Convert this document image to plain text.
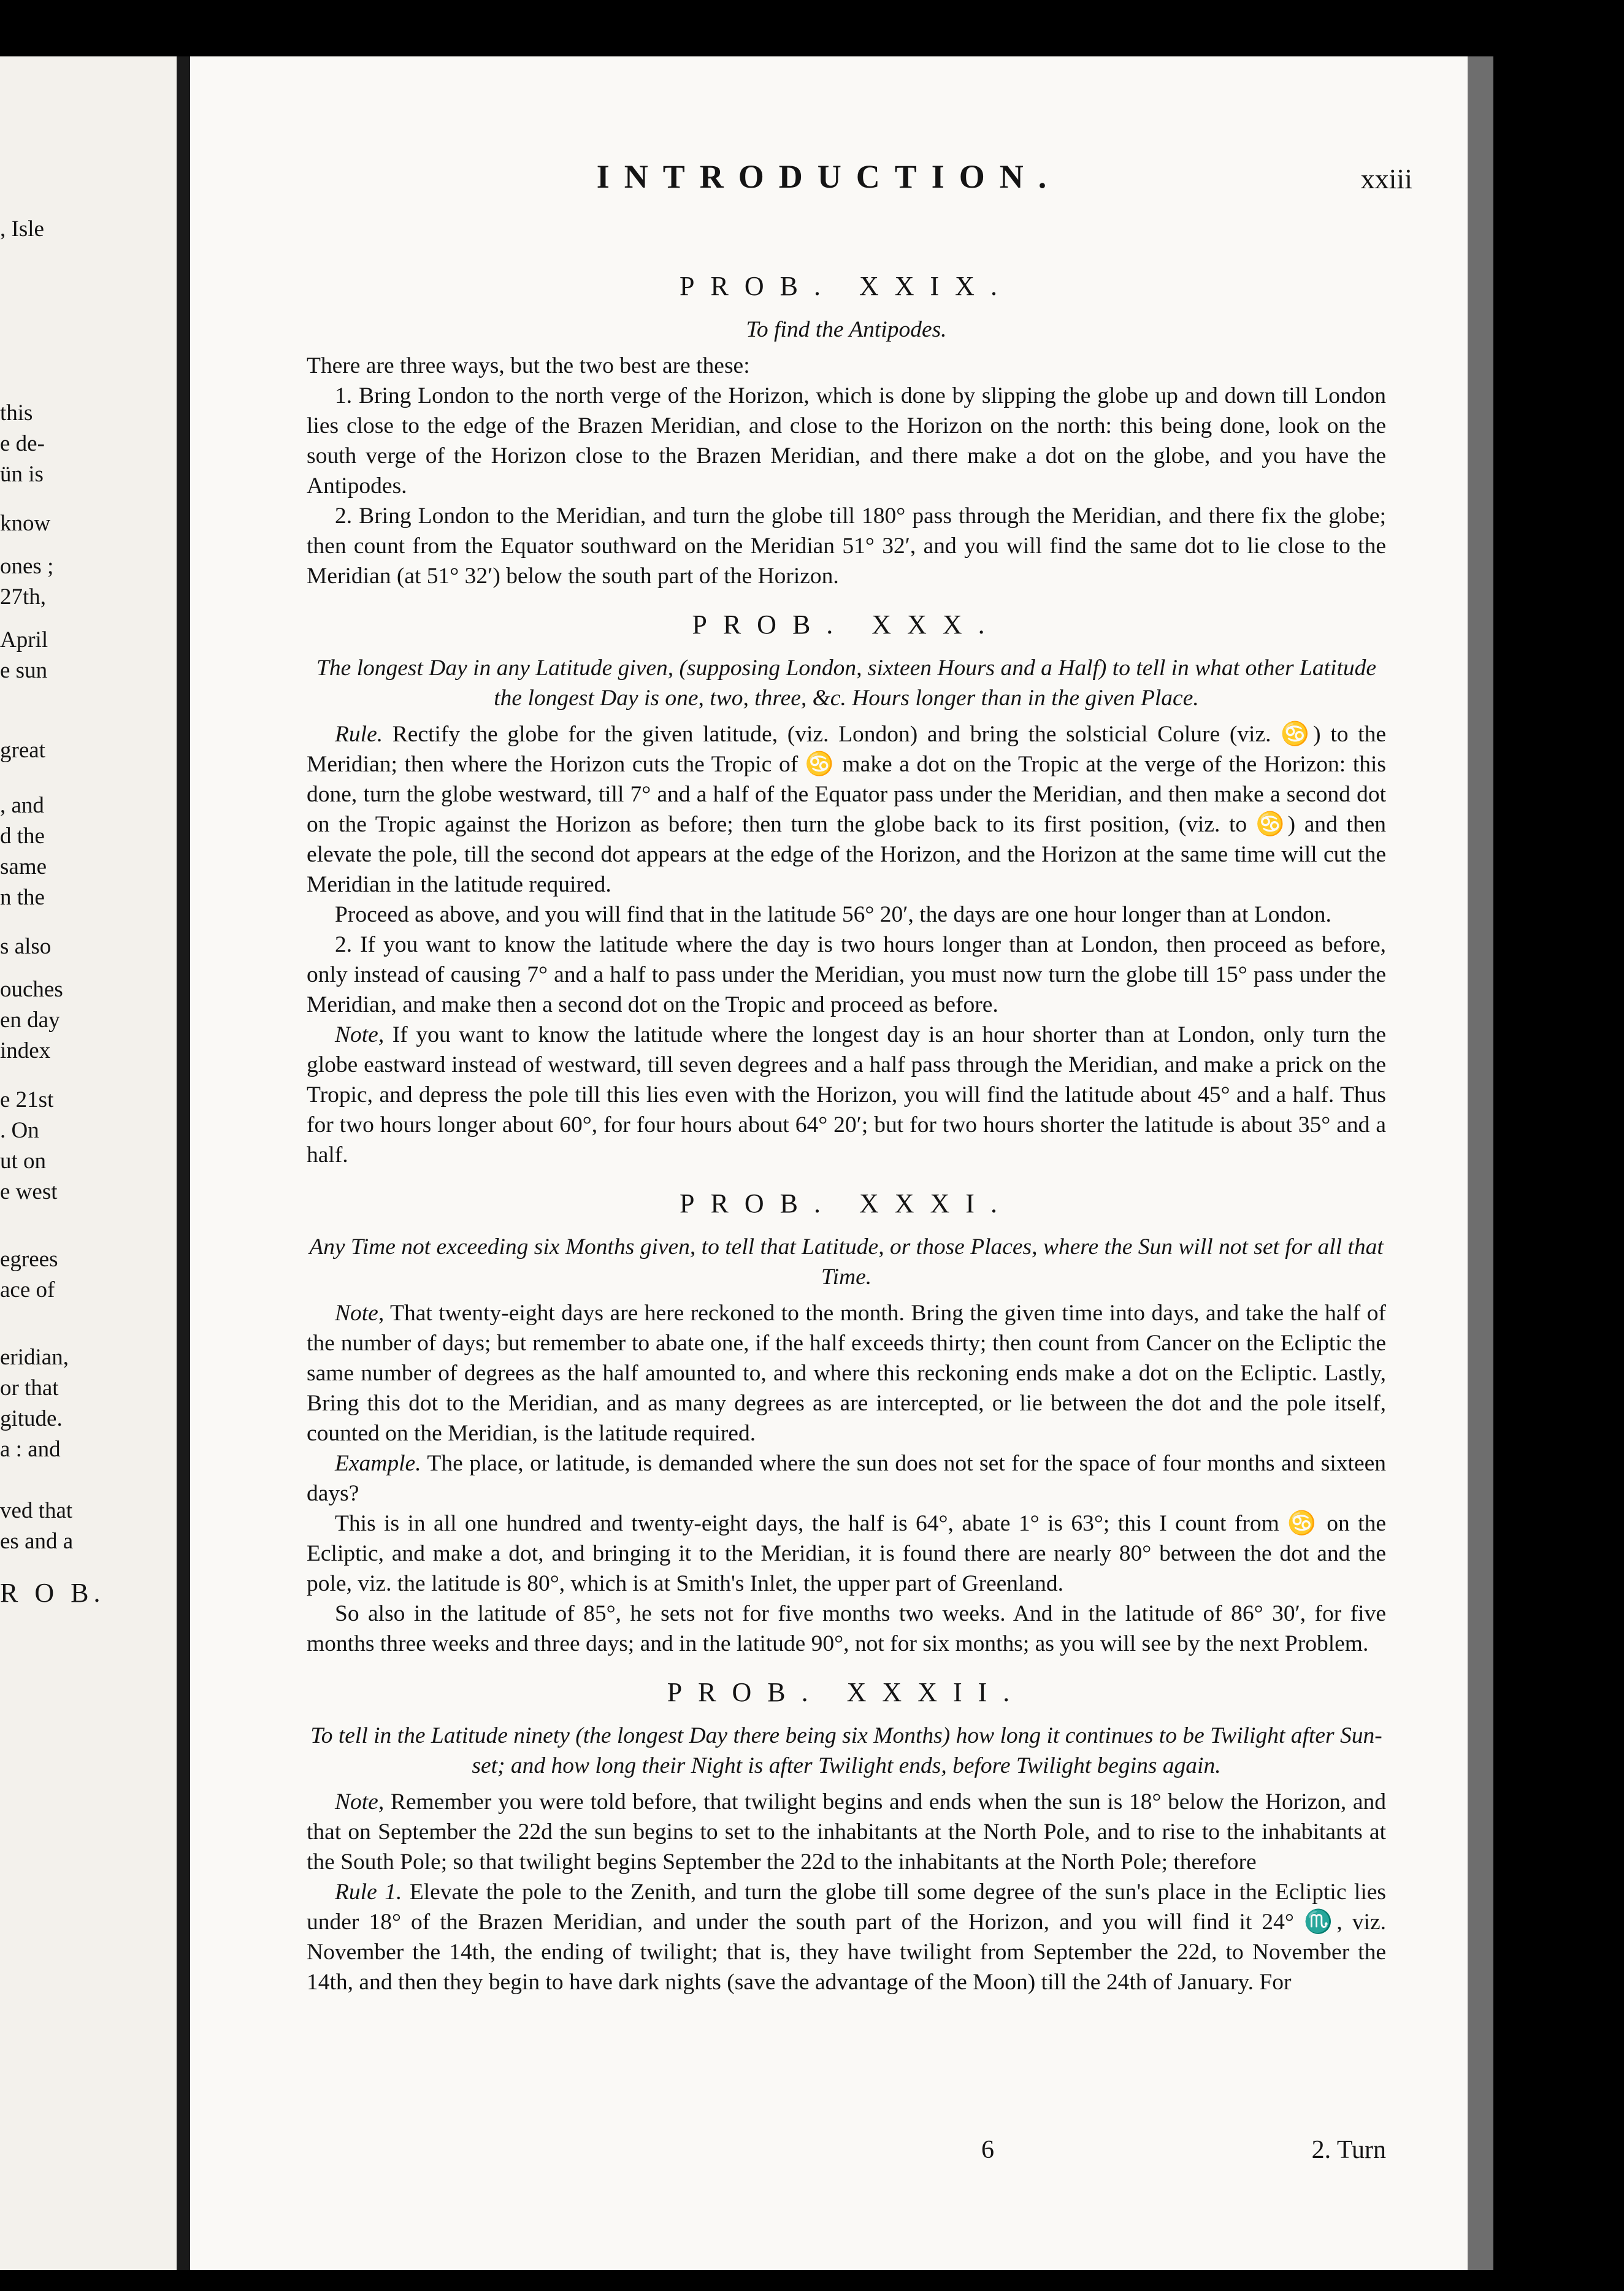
, Isle
this
e de-
ün is
know
ones ;
27th,
April
e sun
great
, and
d the
same
n the
s also
ouches
en day
index
e 21st
. On
ut on
e west
egrees
ace of
eridian,
or that
gitude.
a : and
ved that
es and a
R O B.
INTRODUCTION.	xxiii
PROB. XXIX.

To find the Antipodes.

There are three ways, but the two best are these:

1. Bring London to the north verge of the Horizon, which is done by slipping the globe up and down till London lies close to the edge of the Brazen Meridian, and close to the Horizon on the north: this being done, look on the south verge of the Horizon close to the Brazen Meridian, and there make a dot on the globe, and you have the Antipodes.

2. Bring London to the Meridian, and turn the globe till 180° pass through the Meridian, and there fix the globe; then count from the Equator southward on the Meridian 51° 32′, and you will find the same dot to lie close to the Meridian (at 51° 32′) below the south part of the Horizon.

PROB. XXX.

The longest Day in any Latitude given, (supposing London, sixteen Hours and a Half) to tell in what other Latitude the longest Day is one, two, three, &c. Hours longer than in the given Place.

Rule. Rectify the globe for the given latitude, (viz. London) and bring the solsticial Colure (viz. ♋) to the Meridian; then where the Horizon cuts the Tropic of ♋ make a dot on the Tropic at the verge of the Horizon: this done, turn the globe westward, till 7° and a half of the Equator pass under the Meridian, and then make a second dot on the Tropic against the Horizon as before; then turn the globe back to its first position, (viz. to ♋) and then elevate the pole, till the second dot appears at the edge of the Horizon, and the Horizon at the same time will cut the Meridian in the latitude required.

Proceed as above, and you will find that in the latitude 56° 20′, the days are one hour longer than at London.

2. If you want to know the latitude where the day is two hours longer than at London, then proceed as before, only instead of causing 7° and a half to pass under the Meridian, you must now turn the globe till 15° pass under the Meridian, and make then a second dot on the Tropic and proceed as before.

Note, If you want to know the latitude where the longest day is an hour shorter than at London, only turn the globe eastward instead of westward, till seven degrees and a half pass through the Meridian, and make a prick on the Tropic, and depress the pole till this lies even with the Horizon, you will find the latitude about 45° and a half. Thus for two hours longer about 60°, for four hours about 64° 20′; but for two hours shorter the latitude is about 35° and a half.

PROB. XXXI.

Any Time not exceeding six Months given, to tell that Latitude, or those Places, where the Sun will not set for all that Time.

Note, That twenty-eight days are here reckoned to the month. Bring the given time into days, and take the half of the number of days; but remember to abate one, if the half exceeds thirty; then count from Cancer on the Ecliptic the same number of degrees as the half amounted to, and where this reckoning ends make a dot on the Ecliptic. Lastly, Bring this dot to the Meridian, and as many degrees as are intercepted, or lie between the dot and the pole itself, counted on the Meridian, is the latitude required.

Example. The place, or latitude, is demanded where the sun does not set for the space of four months and sixteen days?

This is in all one hundred and twenty-eight days, the half is 64°, abate 1° is 63°; this I count from ♋ on the Ecliptic, and make a dot, and bringing it to the Meridian, it is found there are nearly 80° between the dot and the pole, viz. the latitude is 80°, which is at Smith's Inlet, the upper part of Greenland.

So also in the latitude of 85°, he sets not for five months two weeks. And in the latitude of 86° 30′, for five months three weeks and three days; and in the latitude 90°, not for six months; as you will see by the next Problem.

PROB. XXXII.

To tell in the Latitude ninety (the longest Day there being six Months) how long it continues to be Twilight after Sun-set; and how long their Night is after Twilight ends, before Twilight begins again.

Note, Remember you were told before, that twilight begins and ends when the sun is 18° below the Horizon, and that on September the 22d the sun begins to set to the inhabitants at the North Pole, and to rise to the inhabitants at the South Pole; so that twilight begins September the 22d to the inhabitants at the North Pole; therefore

Rule 1. Elevate the pole to the Zenith, and turn the globe till some degree of the sun's place in the Ecliptic lies under 18° of the Brazen Meridian, and under the south part of the Horizon, and you will find it 24° ♏, viz. November the 14th, the ending of twilight; that is, they have twilight from September the 22d, to November the 14th, and then they begin to have dark nights (save the advantage of the Moon) till the 24th of January. For

6	2. Turn
